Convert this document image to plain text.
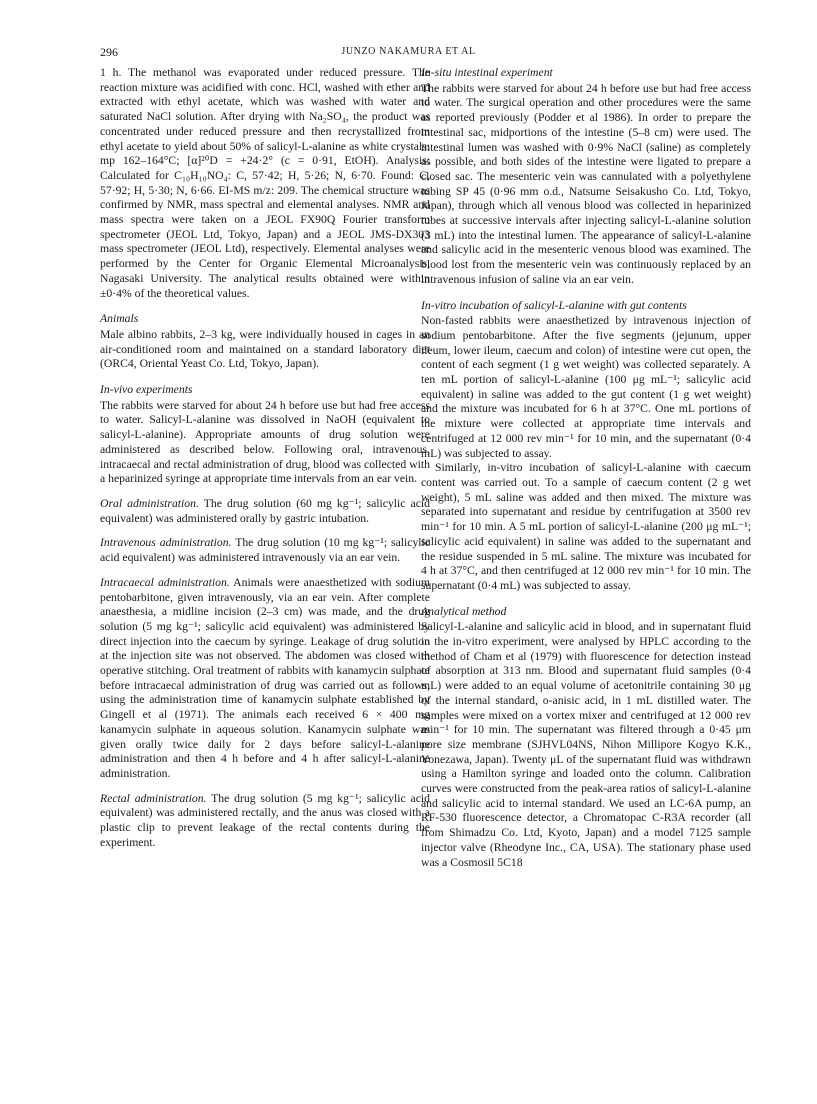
296	JUNZO NAKAMURA ET AL

1 h. The methanol was evaporated under reduced pressure. The reaction mixture was acidified with conc. HCl, washed with ether and extracted with ethyl acetate, which was washed with water and saturated NaCl solution. After drying with Na₂SO₄, the product was concentrated under reduced pressure and then recrystallized from ethyl acetate to yield about 50% of salicyl-L-alanine as white crystals: mp 162–164°C; [α]²⁰D = +24·2° (c = 0·91, EtOH). Analysis: Calculated for C₁₀H₁₀NO₄: C, 57·42; H, 5·26; N, 6·70. Found: C, 57·92; H, 5·30; N, 6·66. EI-MS m/z: 209. The chemical structure was confirmed by NMR, mass spectral and elemental analyses. NMR and mass spectra were taken on a JEOL FX90Q Fourier transform spectrometer (JEOL Ltd, Tokyo, Japan) and a JEOL JMS-DX303 mass spectrometer (JEOL Ltd), respectively. Elemental analyses were performed by the Center for Organic Elemental Microanalysis, Nagasaki University. The analytical results obtained were within ±0·4% of the theoretical values.

Animals

Male albino rabbits, 2–3 kg, were individually housed in cages in an air-conditioned room and maintained on a standard laboratory diet (ORC4, Oriental Yeast Co. Ltd, Tokyo, Japan).

In-vivo experiments

The rabbits were starved for about 24 h before use but had free access to water. Salicyl-L-alanine was dissolved in NaOH (equivalent to salicyl-L-alanine). Appropriate amounts of drug solution were administered as described below. Following oral, intravenous, intracaecal and rectal administration of drug, blood was collected with a heparinized syringe at appropriate time intervals from an ear vein.

Oral administration. The drug solution (60 mg kg⁻¹; salicylic acid equivalent) was administered orally by gastric intubation.

Intravenous administration. The drug solution (10 mg kg⁻¹; salicylic acid equivalent) was administered intravenously via an ear vein.

Intracaecal administration. Animals were anaesthetized with sodium pentobarbitone, given intravenously, via an ear vein. After complete anaesthesia, a midline incision (2–3 cm) was made, and the drug solution (5 mg kg⁻¹; salicylic acid equivalent) was administered by direct injection into the caecum by syringe. Leakage of drug solution at the injection site was not observed. The abdomen was closed with operative stitching. Oral treatment of rabbits with kanamycin sulphate before intracaecal administration of drug was carried out as follows, using the administration time of kanamycin sulphate established by Gingell et al (1971). The animals each received 6 × 400 mg kanamycin sulphate in aqueous solution. Kanamycin sulphate was given orally twice daily for 2 days before salicyl-L-alanine administration and then 4 h before and 4 h after salicyl-L-alanine administration.

Rectal administration. The drug solution (5 mg kg⁻¹; salicylic acid equivalent) was administered rectally, and the anus was closed with a plastic clip to prevent leakage of the rectal contents during the experiment.

In-situ intestinal experiment

The rabbits were starved for about 24 h before use but had free access to water. The surgical operation and other procedures were the same as reported previously (Podder et al 1986). In order to prepare the intestinal sac, midportions of the intestine (5–8 cm) were used. The intestinal lumen was washed with 0·9% NaCl (saline) as completely as possible, and both sides of the intestine were ligated to prepare a closed sac. The mesenteric vein was cannulated with a polyethylene tubing SP 45 (0·96 mm o.d., Natsume Seisakusho Co. Ltd, Tokyo, Japan), through which all venous blood was collected in heparinized tubes at successive intervals after injecting salicyl-L-alanine solution (3 mL) into the intestinal lumen. The appearance of salicyl-L-alanine and salicylic acid in the mesenteric venous blood was examined. The blood lost from the mesenteric vein was continuously replaced by an intravenous infusion of saline via an ear vein.

In-vitro incubation of salicyl-L-alanine with gut contents

Non-fasted rabbits were anaesthetized by intravenous injection of sodium pentobarbitone. After the five segments (jejunum, upper ileum, lower ileum, caecum and colon) of intestine were cut open, the content of each segment (1 g wet weight) was collected separately. A ten mL portion of salicyl-L-alanine (100 μg mL⁻¹; salicylic acid equivalent) in saline was added to the gut content (1 g wet weight) and the mixture was incubated for 6 h at 37°C. One mL portions of the mixture were collected at appropriate time intervals and centrifuged at 12 000 rev min⁻¹ for 10 min, and the supernatant (0·4 mL) was subjected to assay.

Similarly, in-vitro incubation of salicyl-L-alanine with caecum content was carried out. To a sample of caecum content (2 g wet weight), 5 mL saline was added and then mixed. The mixture was separated into supernatant and residue by centrifugation at 3500 rev min⁻¹ for 10 min. A 5 mL portion of salicyl-L-alanine (200 μg mL⁻¹; salicylic acid equivalent) in saline was added to the supernatant and the residue suspended in 5 mL saline. The mixture was incubated for 4 h at 37°C, and then centrifuged at 12 000 rev min⁻¹ for 10 min. The supernatant (0·4 mL) was subjected to assay.

Analytical method

Salicyl-L-alanine and salicylic acid in blood, and in supernatant fluid in the in-vitro experiment, were analysed by HPLC according to the method of Cham et al (1979) with fluorescence for detection instead of absorption at 313 nm. Blood and supernatant fluid samples (0·4 mL) were added to an equal volume of acetonitrile containing 30 μg of the internal standard, o-anisic acid, in 1 mL distilled water. The samples were mixed on a vortex mixer and centrifuged at 12 000 rev min⁻¹ for 10 min. The supernatant was filtered through a 0·45 μm pore size membrane (SJHVL04NS, Nihon Millipore Kogyo K.K., Yonezawa, Japan). Twenty μL of the supernatant fluid was withdrawn using a Hamilton syringe and loaded onto the column. Calibration curves were constructed from the peak-area ratios of salicyl-L-alanine and salicylic acid to internal standard. We used an LC-6A pump, an RF-530 fluorescence detector, a Chromatopac C-R3A recorder (all from Shimadzu Co. Ltd, Kyoto, Japan) and a model 7125 sample injector valve (Rheodyne Inc., CA, USA). The stationary phase used was a Cosmosil 5C18
